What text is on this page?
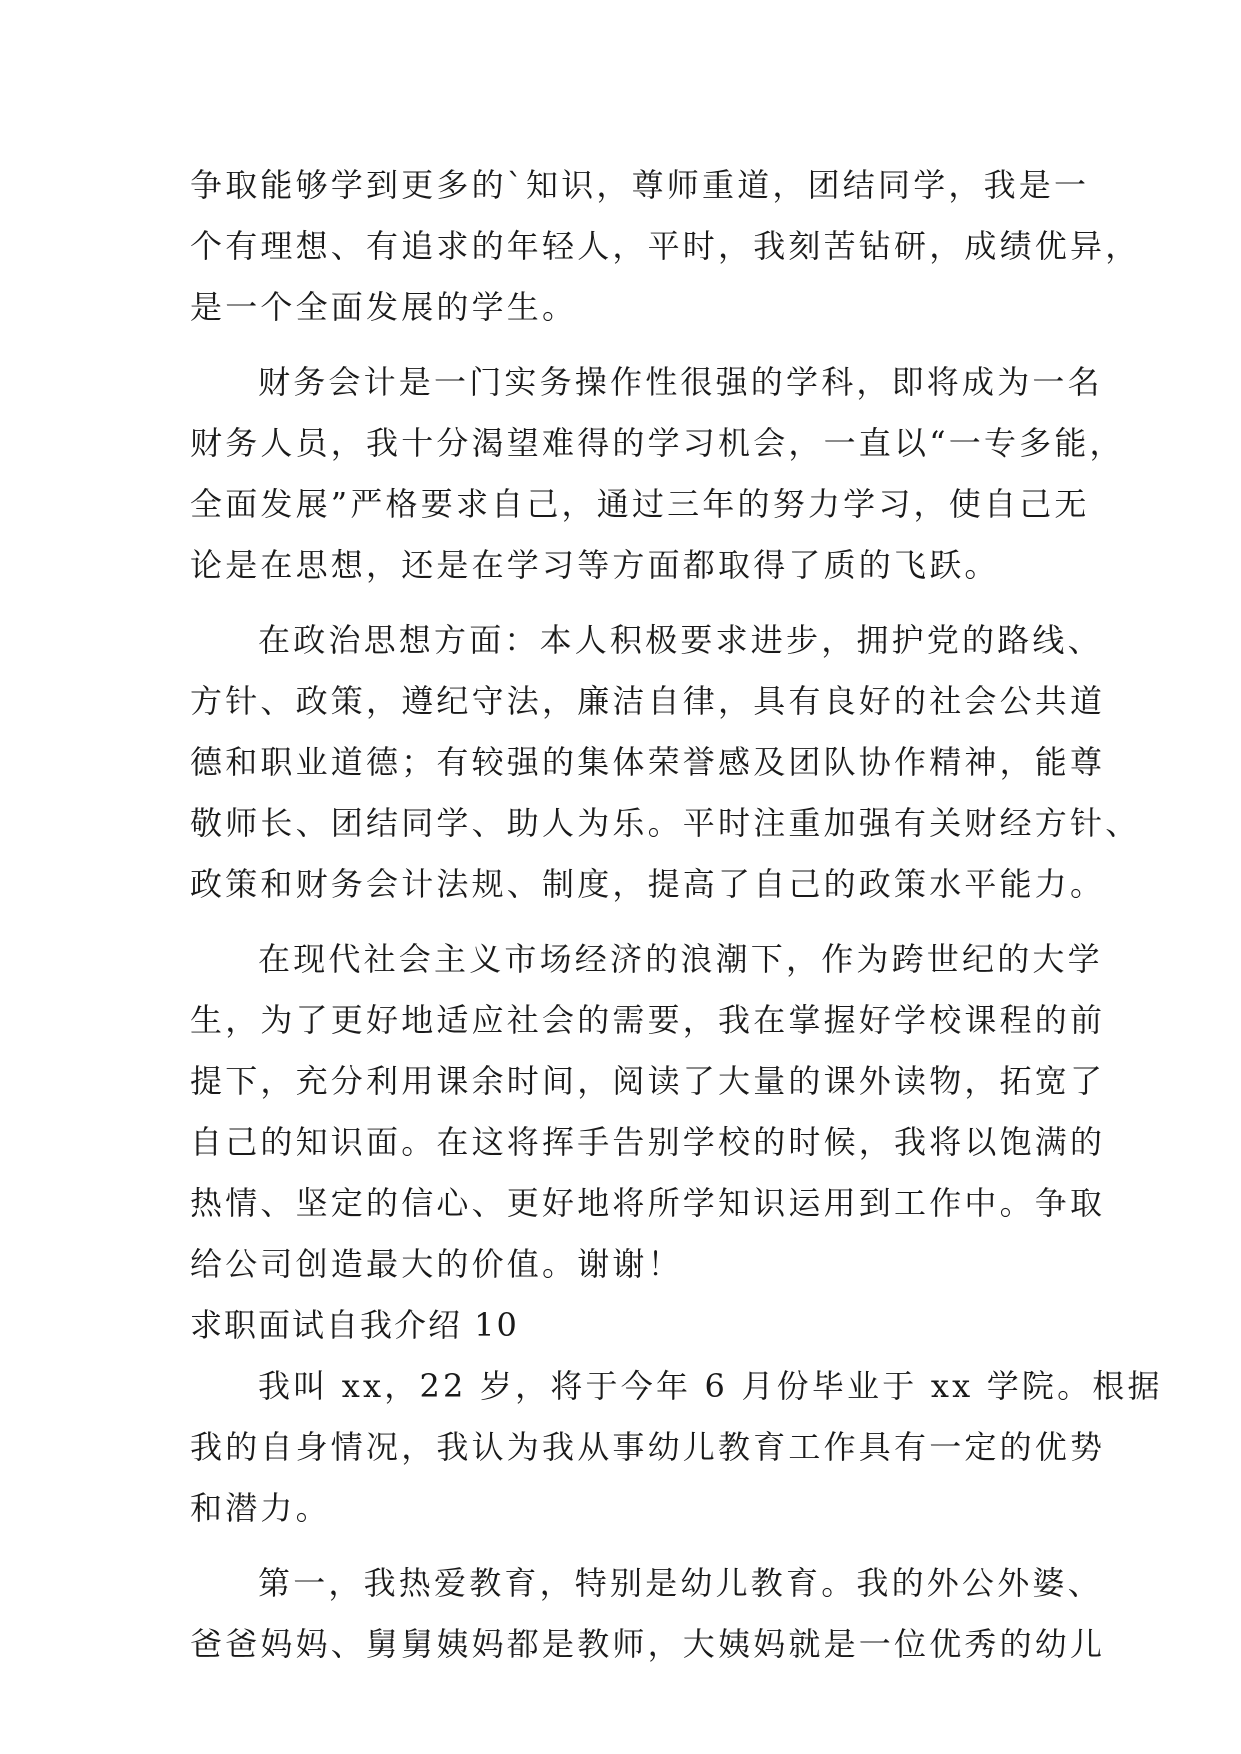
争取能够学到更多的`知识，尊师重道，团结同学，我是一
个有理想、有追求的年轻人，平时，我刻苦钻研，成绩优异，
是一个全面发展的学生。
财务会计是一门实务操作性很强的学科，即将成为一名
财务人员，我十分渴望难得的学习机会，一直以“一专多能，
全面发展”严格要求自己，通过三年的努力学习，使自己无
论是在思想，还是在学习等方面都取得了质的飞跃。
在政治思想方面：本人积极要求进步，拥护党的路线、
方针、政策，遵纪守法，廉洁自律，具有良好的社会公共道
德和职业道德；有较强的集体荣誉感及团队协作精神，能尊
敬师长、团结同学、助人为乐。平时注重加强有关财经方针、
政策和财务会计法规、制度，提高了自己的政策水平能力。
在现代社会主义市场经济的浪潮下，作为跨世纪的大学
生，为了更好地适应社会的需要，我在掌握好学校课程的前
提下，充分利用课余时间，阅读了大量的课外读物，拓宽了
自己的知识面。在这将挥手告别学校的时候，我将以饱满的
热情、坚定的信心、更好地将所学知识运用到工作中。争取
给公司创造最大的价值。谢谢！
求职面试自我介绍 10
我叫 xx，22 岁，将于今年 6 月份毕业于 xx 学院。根据
我的自身情况，我认为我从事幼儿教育工作具有一定的优势
和潜力。
第一，我热爱教育，特别是幼儿教育。我的外公外婆、
爸爸妈妈、舅舅姨妈都是教师，大姨妈就是一位优秀的幼儿
